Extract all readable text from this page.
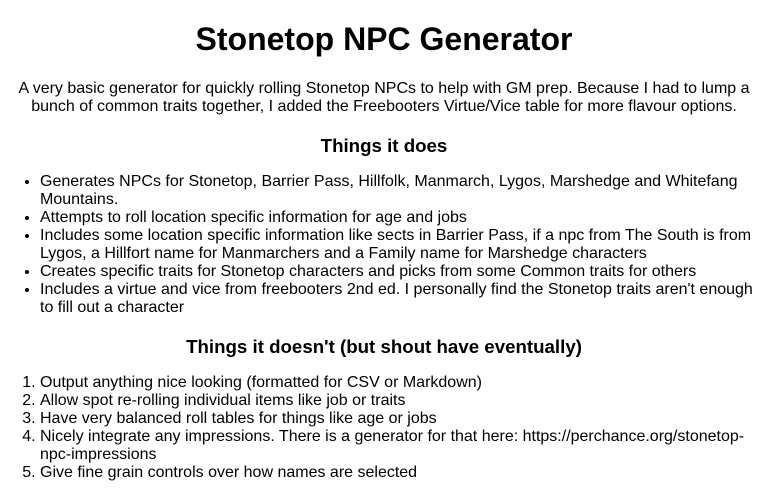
Stonetop NPC Generator

A very basic generator for quickly rolling Stonetop NPCs to help with GM prep. Because I had to lump a bunch of common traits together, I added the Freebooters Virtue/Vice table for more flavour options.

Things it does
• Generates NPCs for Stonetop, Barrier Pass, Hillfolk, Manmarch, Lygos, Marshedge and Whitefang Mountains.
• Attempts to roll location specific information for age and jobs
• Includes some location specific information like sects in Barrier Pass, if a npc from The South is from Lygos, a Hillfort name for Manmarchers and a Family name for Marshedge characters
• Creates specific traits for Stonetop characters and picks from some Common traits for others
• Includes a virtue and vice from freebooters 2nd ed. I personally find the Stonetop traits aren't enough to fill out a character
Things it doesn't (but shout have eventually)
1. Output anything nice looking (formatted for CSV or Markdown)
2. Allow spot re-rolling individual items like job or traits
3. Have very balanced roll tables for things like age or jobs
4. Nicely integrate any impressions. There is a generator for that here: https://perchance.org/stonetop-npc-impressions
5. Give fine grain controls over how names are selected
